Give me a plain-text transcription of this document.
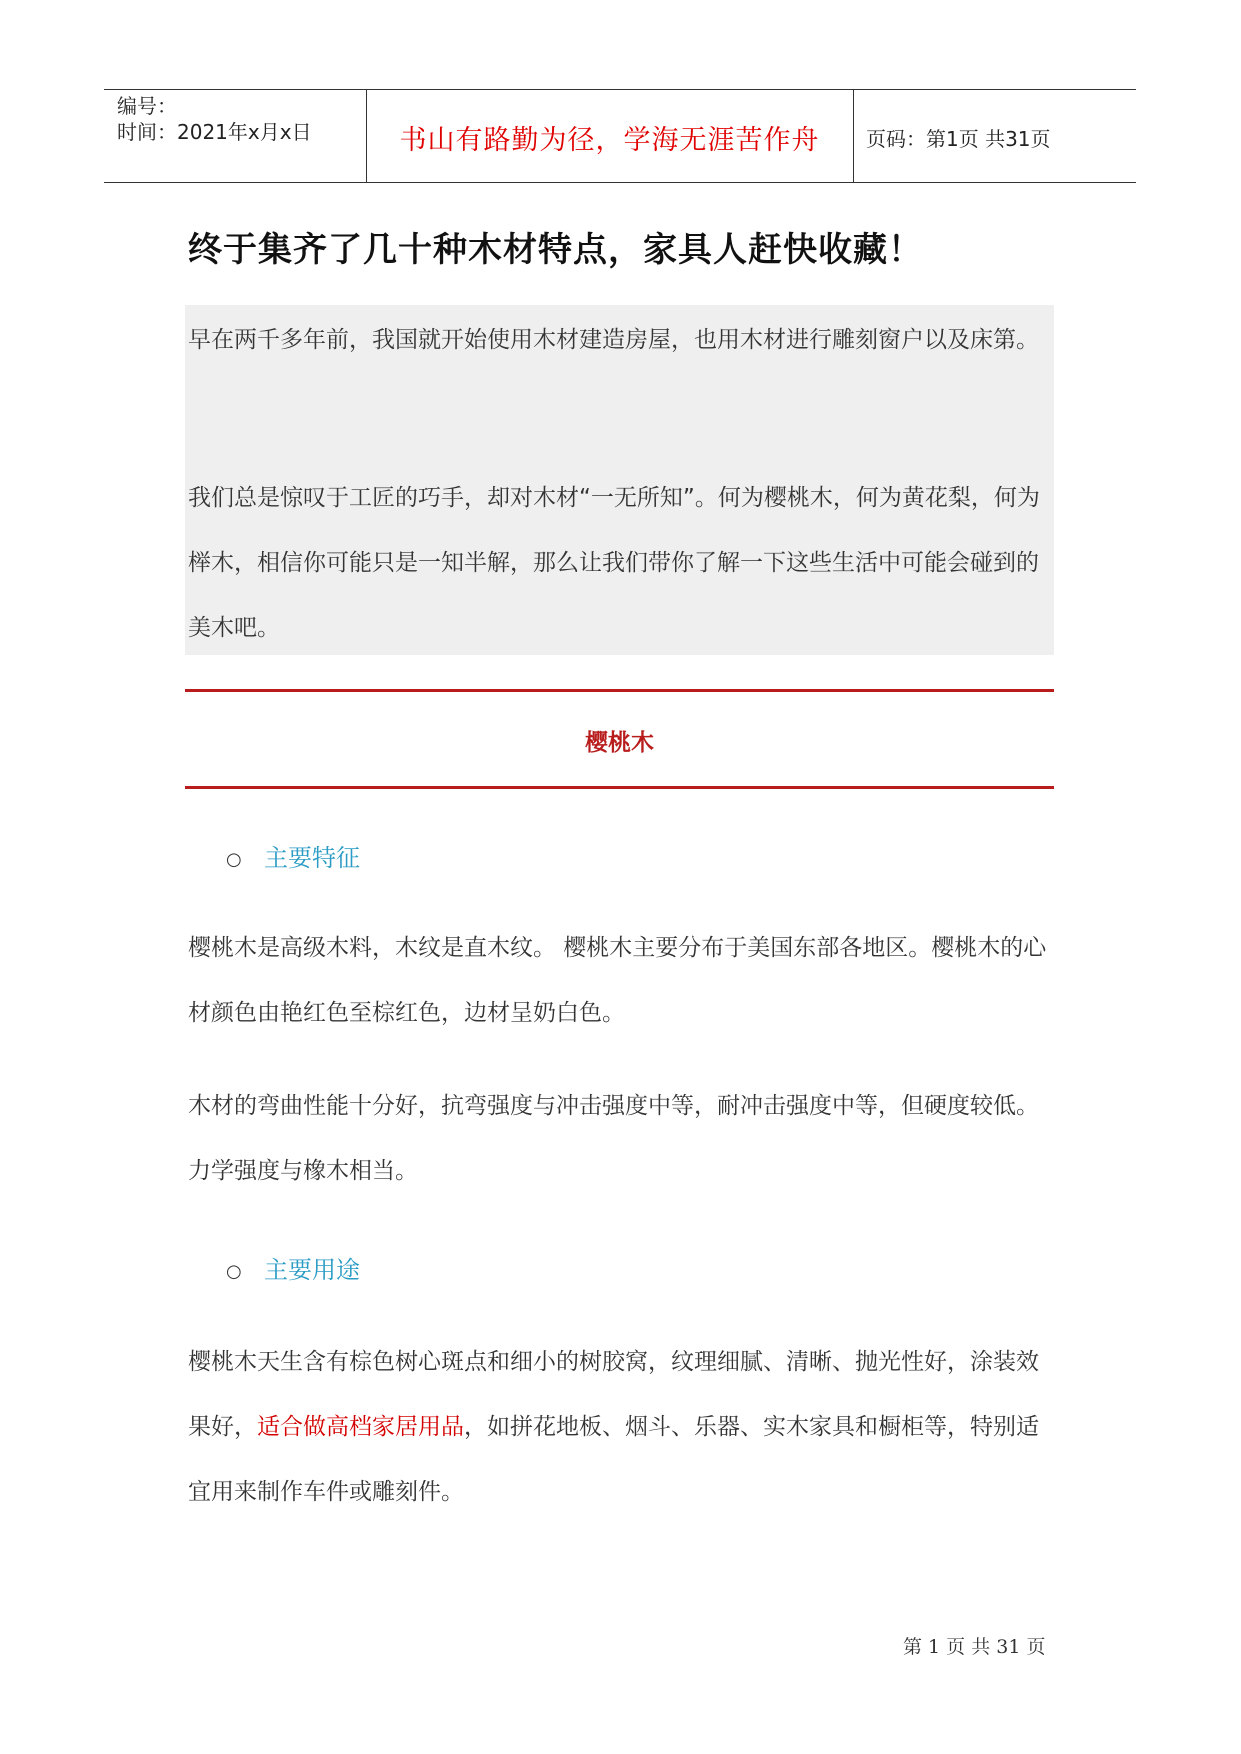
编号：
时间：2021年x月x日	书山有路勤为径，学海无涯苦作舟	页码：第1页 共31页
终于集齐了几十种木材特点，家具人赶快收藏！
早在两千多年前，我国就开始使用木材建造房屋，也用木材进行雕刻窗户以及床第。
我们总是惊叹于工匠的巧手，却对木材“一无所知”。何为樱桃木，何为黄花梨，何为榉木，相信你可能只是一知半解，那么让我们带你了解一下这些生活中可能会碰到的美木吧。
樱桃木
○ 主要特征
樱桃木是高级木料，木纹是直木纹。 樱桃木主要分布于美国东部各地区。樱桃木的心材颜色由艳红色至棕红色，边材呈奶白色。
木材的弯曲性能十分好，抗弯强度与冲击强度中等，耐冲击强度中等，但硬度较低。力学强度与橡木相当。
○ 主要用途
樱桃木天生含有棕色树心斑点和细小的树胶窝，纹理细腻、清晰、抛光性好，涂装效果好，适合做高档家居用品，如拼花地板、烟斗、乐器、实木家具和橱柜等，特别适宜用来制作车件或雕刻件。
第 1 页 共 31 页
